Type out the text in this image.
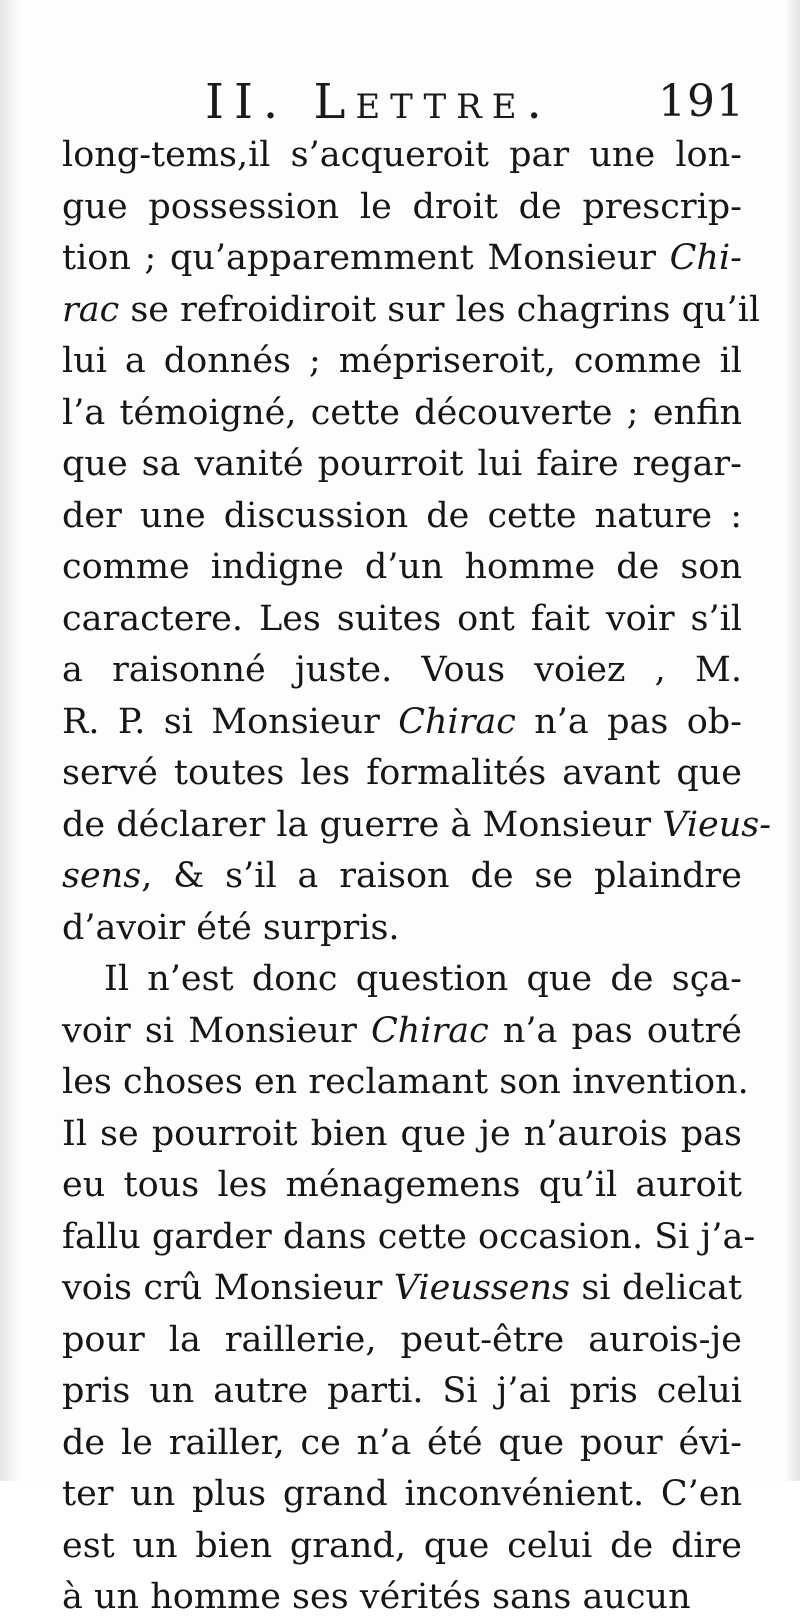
II. Lettre. 191
long-tems,il s’acqueroit par une lon-
gue possession le droit de prescrip-
tion ; qu’apparemment Monsieur Chi-
rac se refroidiroit sur les chagrins qu’il
lui a donnés ; mépriseroit, comme il
l’a témoigné, cette découverte ; enfin
que sa vanité pourroit lui faire regar-
der une discussion de cette nature :
comme indigne d’un homme de son
caractere. Les suites ont fait voir s’il
a raisonné juste. Vous voiez , M.
R. P. si Monsieur Chirac n’a pas ob-
servé toutes les formalités avant que
de déclarer la guerre à Monsieur Vieus-
sens, & s’il a raison de se plaindre
d’avoir été surpris.
Il n’est donc question que de sça-
voir si Monsieur Chirac n’a pas outré
les choses en reclamant son invention.
Il se pourroit bien que je n’aurois pas
eu tous les ménagemens qu’il auroit
fallu garder dans cette occasion. Si j’a-
vois crû Monsieur Vieussens si delicat
pour la raillerie, peut-être aurois-je
pris un autre parti. Si j’ai pris celui
de le railler, ce n’a été que pour évi-
ter un plus grand inconvénient. C’en
est un bien grand, que celui de dire
à un homme ses vérités sans aucun
